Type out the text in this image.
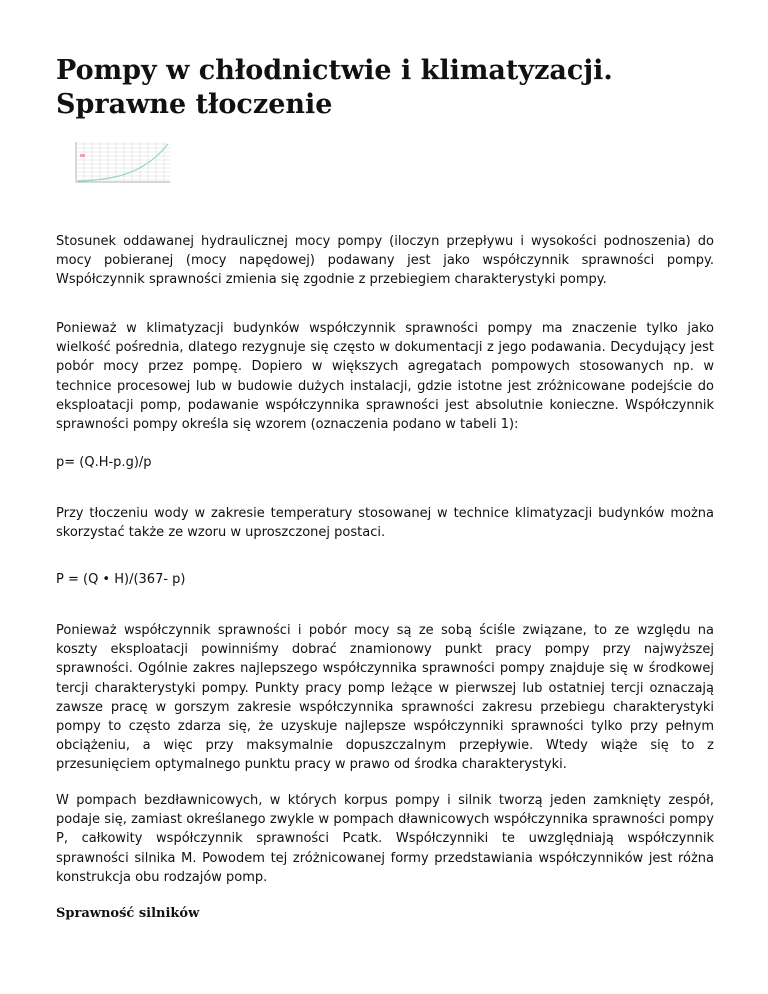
Pompy w chłodnictwie i klimatyzacji. Sprawne tłoczenie

Stosunek oddawanej hydraulicznej mocy pompy (iloczyn przepływu i wysokości podnoszenia) do mocy pobieranej (mocy napędowej) podawany jest jako współczynnik sprawności pompy. Współczynnik sprawności zmienia się zgodnie z przebiegiem charakterystyki pompy.

Ponieważ w klimatyzacji budynków współczynnik sprawności pompy ma znaczenie tylko jako wielkość pośrednia, dlatego rezygnuje się często w dokumentacji z jego podawania. Decydujący jest pobór mocy przez pompę. Dopiero w większych agregatach pompowych stosowanych np. w technice procesowej lub w budowie dużych instalacji, gdzie istotne jest zróżnicowane podejście do eksploatacji pomp, podawanie współczynnika sprawności jest absolutnie konieczne. Współczynnik sprawności pompy określa się wzorem (oznaczenia podano w tabeli 1):

p= (Q.H-p.g)/p

Przy tłoczeniu wody w zakresie temperatury stosowanej w technice klimatyzacji budynków można skorzystać także ze wzoru w uproszczonej postaci.

P = (Q • H)/(367- p)

Ponieważ współczynnik sprawności i pobór mocy są ze sobą ściśle związane, to ze względu na koszty eksploatacji powinniśmy dobrać znamionowy punkt pracy pompy przy najwyższej sprawności. Ogólnie zakres najlepszego współczynnika sprawności pompy znajduje się w środkowej tercji charakterystyki pompy. Punkty pracy pomp leżące w pierwszej lub ostatniej tercji oznaczają zawsze pracę w gorszym zakresie współczynnika sprawności zakresu przebiegu charakterystyki pompy to często zdarza się, że uzyskuje najlepsze współczynniki sprawności tylko przy pełnym obciążeniu, a więc przy maksymalnie dopuszczalnym przepływie. Wtedy wiąże się to z przesunięciem optymalnego punktu pracy w prawo od środka charakterystyki.

W pompach bezdławnicowych, w których korpus pompy i silnik tworzą jeden zamknięty zespół, podaje się, zamiast określanego zwykle w pompach dławnicowych współczynnika sprawności pompy P, całkowity współczynnik sprawności Pcatk. Współczynniki te uwzględniają współczynnik sprawności silnika M. Powodem tej zróżnicowanej formy przedstawiania współczynników jest różna konstrukcja obu rodzajów pomp.

Sprawność silników
